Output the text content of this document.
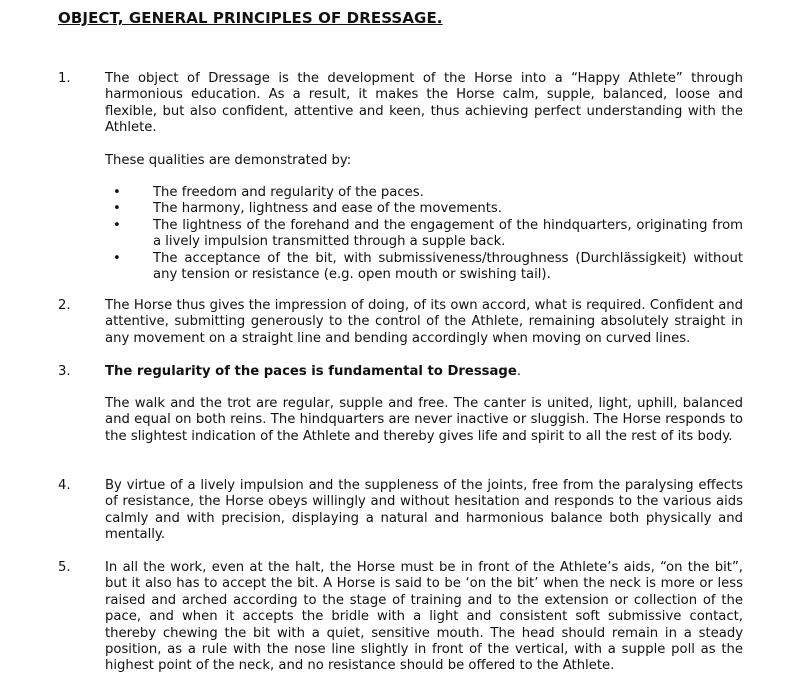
OBJECT, GENERAL PRINCIPLES OF DRESSAGE.
1.	The object of Dressage is the development of the Horse into a “Happy Athlete” through harmonious education. As a result, it makes the Horse calm, supple, balanced, loose and flexible, but also confident, attentive and keen, thus achieving perfect understanding with the Athlete.
These qualities are demonstrated by:
• The freedom and regularity of the paces.
• The harmony, lightness and ease of the movements.
• The lightness of the forehand and the engagement of the hindquarters, originating from a lively impulsion transmitted through a supple back.
• The acceptance of the bit, with submissiveness/throughness (Durchlässigkeit) without any tension or resistance (e.g. open mouth or swishing tail).
2.	The Horse thus gives the impression of doing, of its own accord, what is required. Confident and attentive, submitting generously to the control of the Athlete, remaining absolutely straight in any movement on a straight line and bending accordingly when moving on curved lines.
3.	The regularity of the paces is fundamental to Dressage.
The walk and the trot are regular, supple and free. The canter is united, light, uphill, balanced and equal on both reins. The hindquarters are never inactive or sluggish. The Horse responds to the slightest indication of the Athlete and thereby gives life and spirit to all the rest of its body.
4.	By virtue of a lively impulsion and the suppleness of the joints, free from the paralysing effects of resistance, the Horse obeys willingly and without hesitation and responds to the various aids calmly and with precision, displaying a natural and harmonious balance both physically and mentally.
5.	In all the work, even at the halt, the Horse must be in front of the Athlete’s aids, “on the bit”, but it also has to accept the bit. A Horse is said to be ‘on the bit’ when the neck is more or less raised and arched according to the stage of training and to the extension or collection of the pace, and when it accepts the bridle with a light and consistent soft submissive contact, thereby chewing the bit with a quiet, sensitive mouth. The head should remain in a steady position, as a rule with the nose line slightly in front of the vertical, with a supple poll as the highest point of the neck, and no resistance should be offered to the Athlete.
